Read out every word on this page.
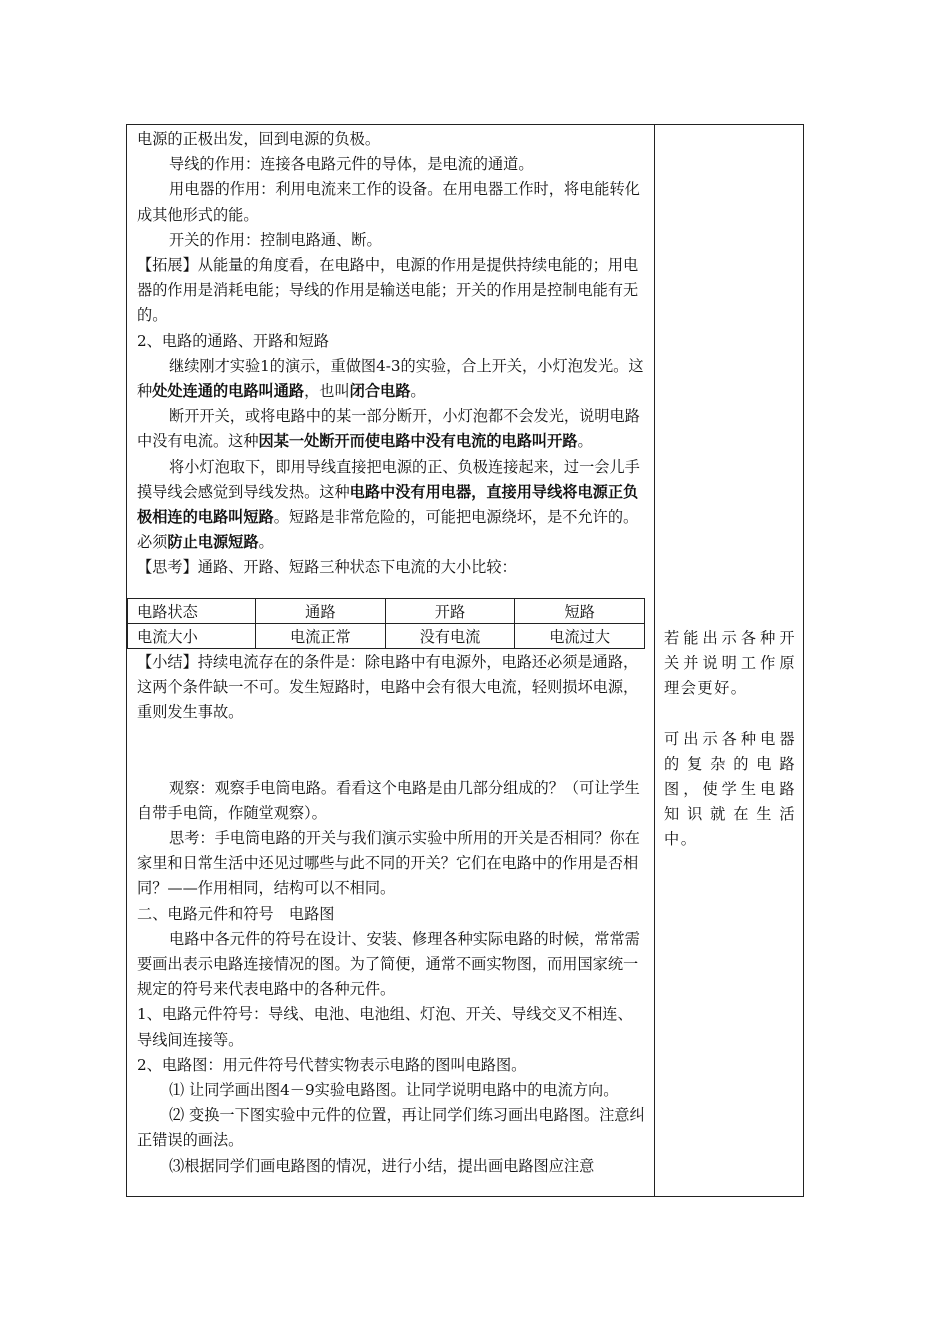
电源的正极出发，回到电源的负极。

导线的作用：连接各电路元件的导体，是电流的通道。

用电器的作用：利用电流来工作的设备。在用电器工作时，将电能转化成其他形式的能。

开关的作用：控制电路通、断。

【拓展】从能量的角度看，在电路中，电源的作用是提供持续电能的；用电器的作用是消耗电能；导线的作用是输送电能；开关的作用是控制电能有无的。

2、电路的通路、开路和短路

继续刚才实验1的演示，重做图4-3的实验，合上开关，小灯泡发光。这种处处连通的电路叫通路，也叫闭合电路。

断开开关，或将电路中的某一部分断开，小灯泡都不会发光，说明电路中没有电流。这种因某一处断开而使电路中没有电流的电路叫开路。

将小灯泡取下，即用导线直接把电源的正、负极连接起来，过一会儿手摸导线会感觉到导线发热。这种电路中没有用电器，直接用导线将电源正负极相连的电路叫短路。短路是非常危险的，可能把电源绕坏，是不允许的。必须防止电源短路。

【思考】通路、开路、短路三种状态下电流的大小比较：

电路状态	通路	开路	短路
电流大小	电流正常	没有电流	电流过大

【小结】持续电流存在的条件是：除电路中有电源外，电路还必须是通路，这两个条件缺一不可。发生短路时，电路中会有很大电流，轻则损坏电源，重则发生事故。

观察：观察手电筒电路。看看这个电路是由几部分组成的？（可让学生自带手电筒，作随堂观察）。

思考：手电筒电路的开关与我们演示实验中所用的开关是否相同？你在家里和日常生活中还见过哪些与此不同的开关？它们在电路中的作用是否相同？——作用相同，结构可以不相同。

二、电路元件和符号　电路图

电路中各元件的符号在设计、安装、修理各种实际电路的时候，常常需要画出表示电路连接情况的图。为了简便，通常不画实物图，而用国家统一规定的符号来代表电路中的各种元件。

1、电路元件符号：导线、电池、电池组、灯泡、开关、导线交叉不相连、导线间连接等。

2、电路图：用元件符号代替实物表示电路的图叫电路图。

⑴ 让同学画出图4－9实验电路图。让同学说明电路中的电流方向。

⑵ 变换一下图实验中元件的位置，再让同学们练习画出电路图。注意纠正错误的画法。

⑶根据同学们画电路图的情况，进行小结，提出画电路图应注意

若能出示各种开关并说明工作原理会更好。

可出示各种电器的复杂的电路图，使学生电路知识就在生活中。
